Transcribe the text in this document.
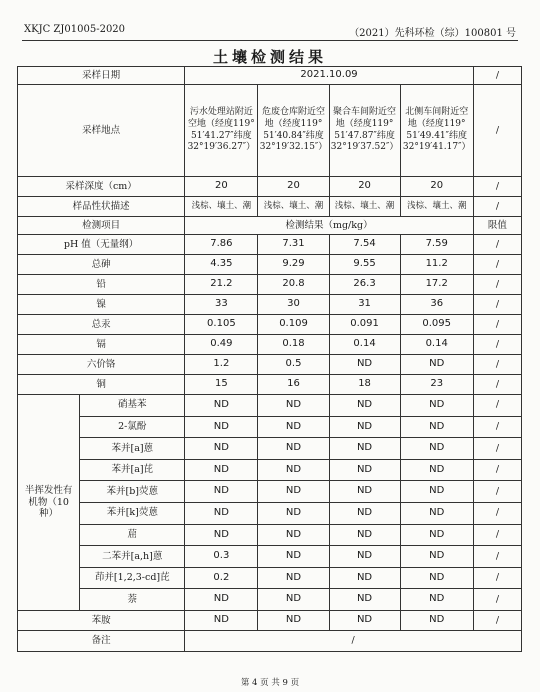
XKJC ZJ01005-2020	（2021）先科环检（综）100801 号
土壤检测结果
采样日期		2021.10.09				/
采样地点		污水处理站附近空地（经度119° 51′41.27″纬度32°19′36.27″）	危废仓库附近空地（经度119° 51′40.84″纬度32°19′32.15″）	聚合车间附近空地（经度119° 51′47.87″纬度32°19′37.52″）	北侧车间附近空地（经度119° 51′49.41″纬度32°19′41.17″）	/
采样深度（cm）		20	20	20	20	/
样品性状描述		浅棕、壤土、潮	浅棕、壤土、潮	浅棕、壤土、潮	浅棕、壤土、潮	/
检测项目		检测结果（mg/kg）				限值
pH 值（无量纲）		7.86	7.31	7.54	7.59	/
总砷		4.35	9.29	9.55	11.2	/
铅		21.2	20.8	26.3	17.2	/
镍		33	30	31	36	/
总汞		0.105	0.109	0.091	0.095	/
镉		0.49	0.18	0.14	0.14	/
六价铬		1.2	0.5	ND	ND	/
铜		15	16	18	23	/
半挥发性有机物（10种）	硝基苯	ND	ND	ND	ND	/
	2-氯酚	ND	ND	ND	ND	/
	苯并[a]蒽	ND	ND	ND	ND	/
	苯并[a]芘	ND	ND	ND	ND	/
	苯并[b]荧蒽	ND	ND	ND	ND	/
	苯并[k]荧蒽	ND	ND	ND	ND	/
	䓛	ND	ND	ND	ND	/
	二苯并[a,h]蒽	0.3	ND	ND	ND	/
	茚并[1,2,3-cd]芘	0.2	ND	ND	ND	/
	萘	ND	ND	ND	ND	/
苯胺		ND	ND	ND	ND	/
备注		/				
第 4 页 共 9 页
